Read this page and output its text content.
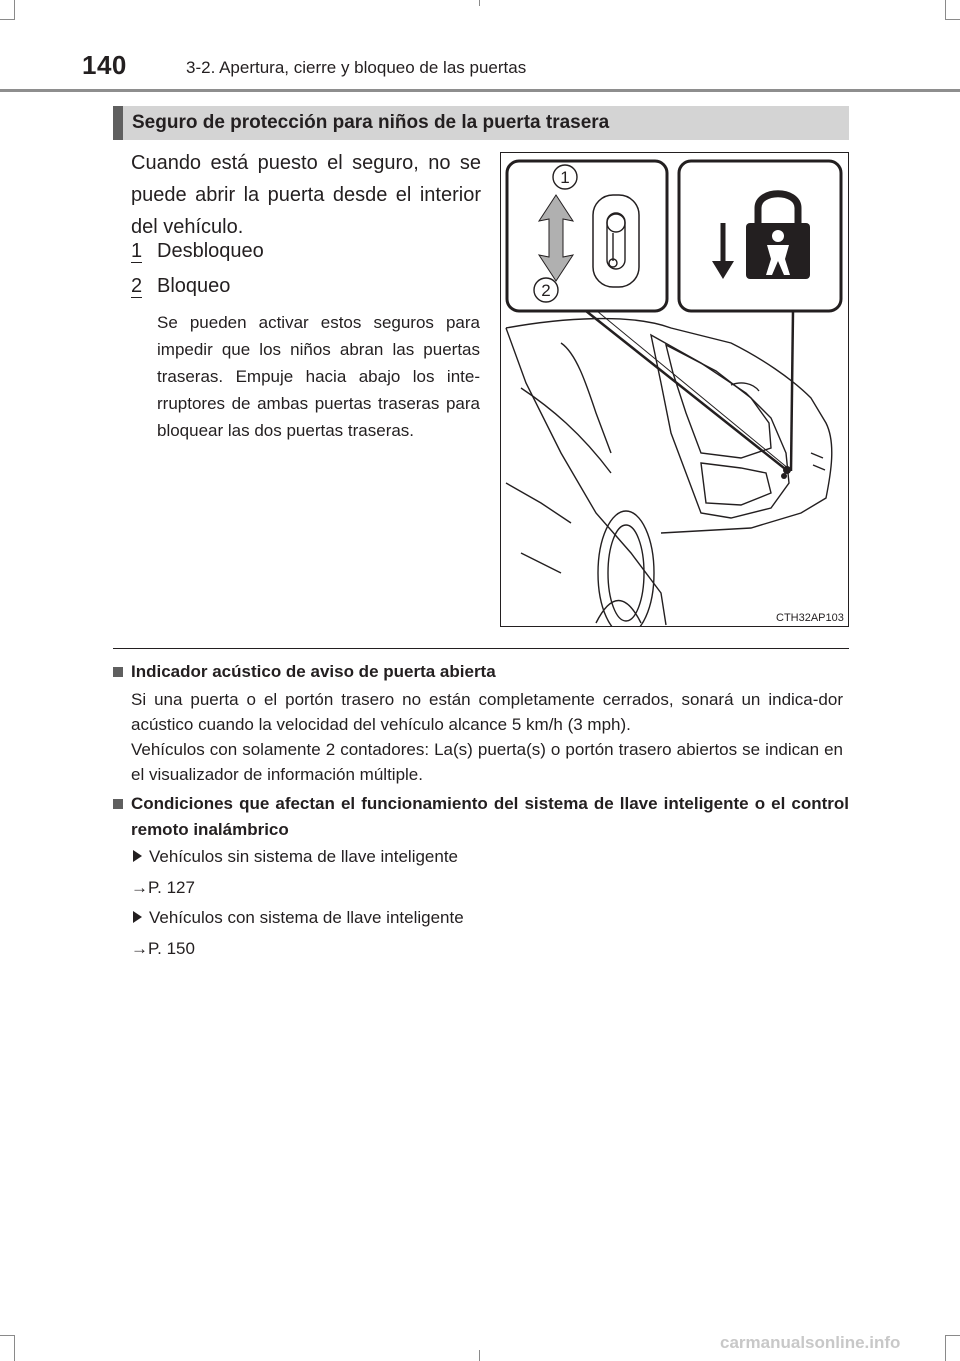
140	3-2. Apertura, cierre y bloqueo de las puertas
Seguro de protección para niños de la puerta trasera
Cuando está puesto el seguro, no se puede abrir la puerta desde el interior del vehículo.
1 Desbloqueo
2 Bloqueo
Se pueden activar estos seguros para impedir que los niños abran las puertas traseras. Empuje hacia abajo los inte-rruptores de ambas puertas traseras para bloquear las dos puertas traseras.
1
2
CTH32AP103
Indicador acústico de aviso de puerta abierta
Si una puerta o el portón trasero no están completamente cerrados, sonará un indica-dor acústico cuando la velocidad del vehículo alcance 5 km/h (3 mph).
Vehículos con solamente 2 contadores: La(s) puerta(s) o portón trasero abiertos se indican en el visualizador de información múltiple.
Condiciones que afectan el funcionamiento del sistema de llave inteligente o el control remoto inalámbrico
Vehículos sin sistema de llave inteligente
→P. 127
Vehículos con sistema de llave inteligente
→P. 150
carmanualsonline.info
